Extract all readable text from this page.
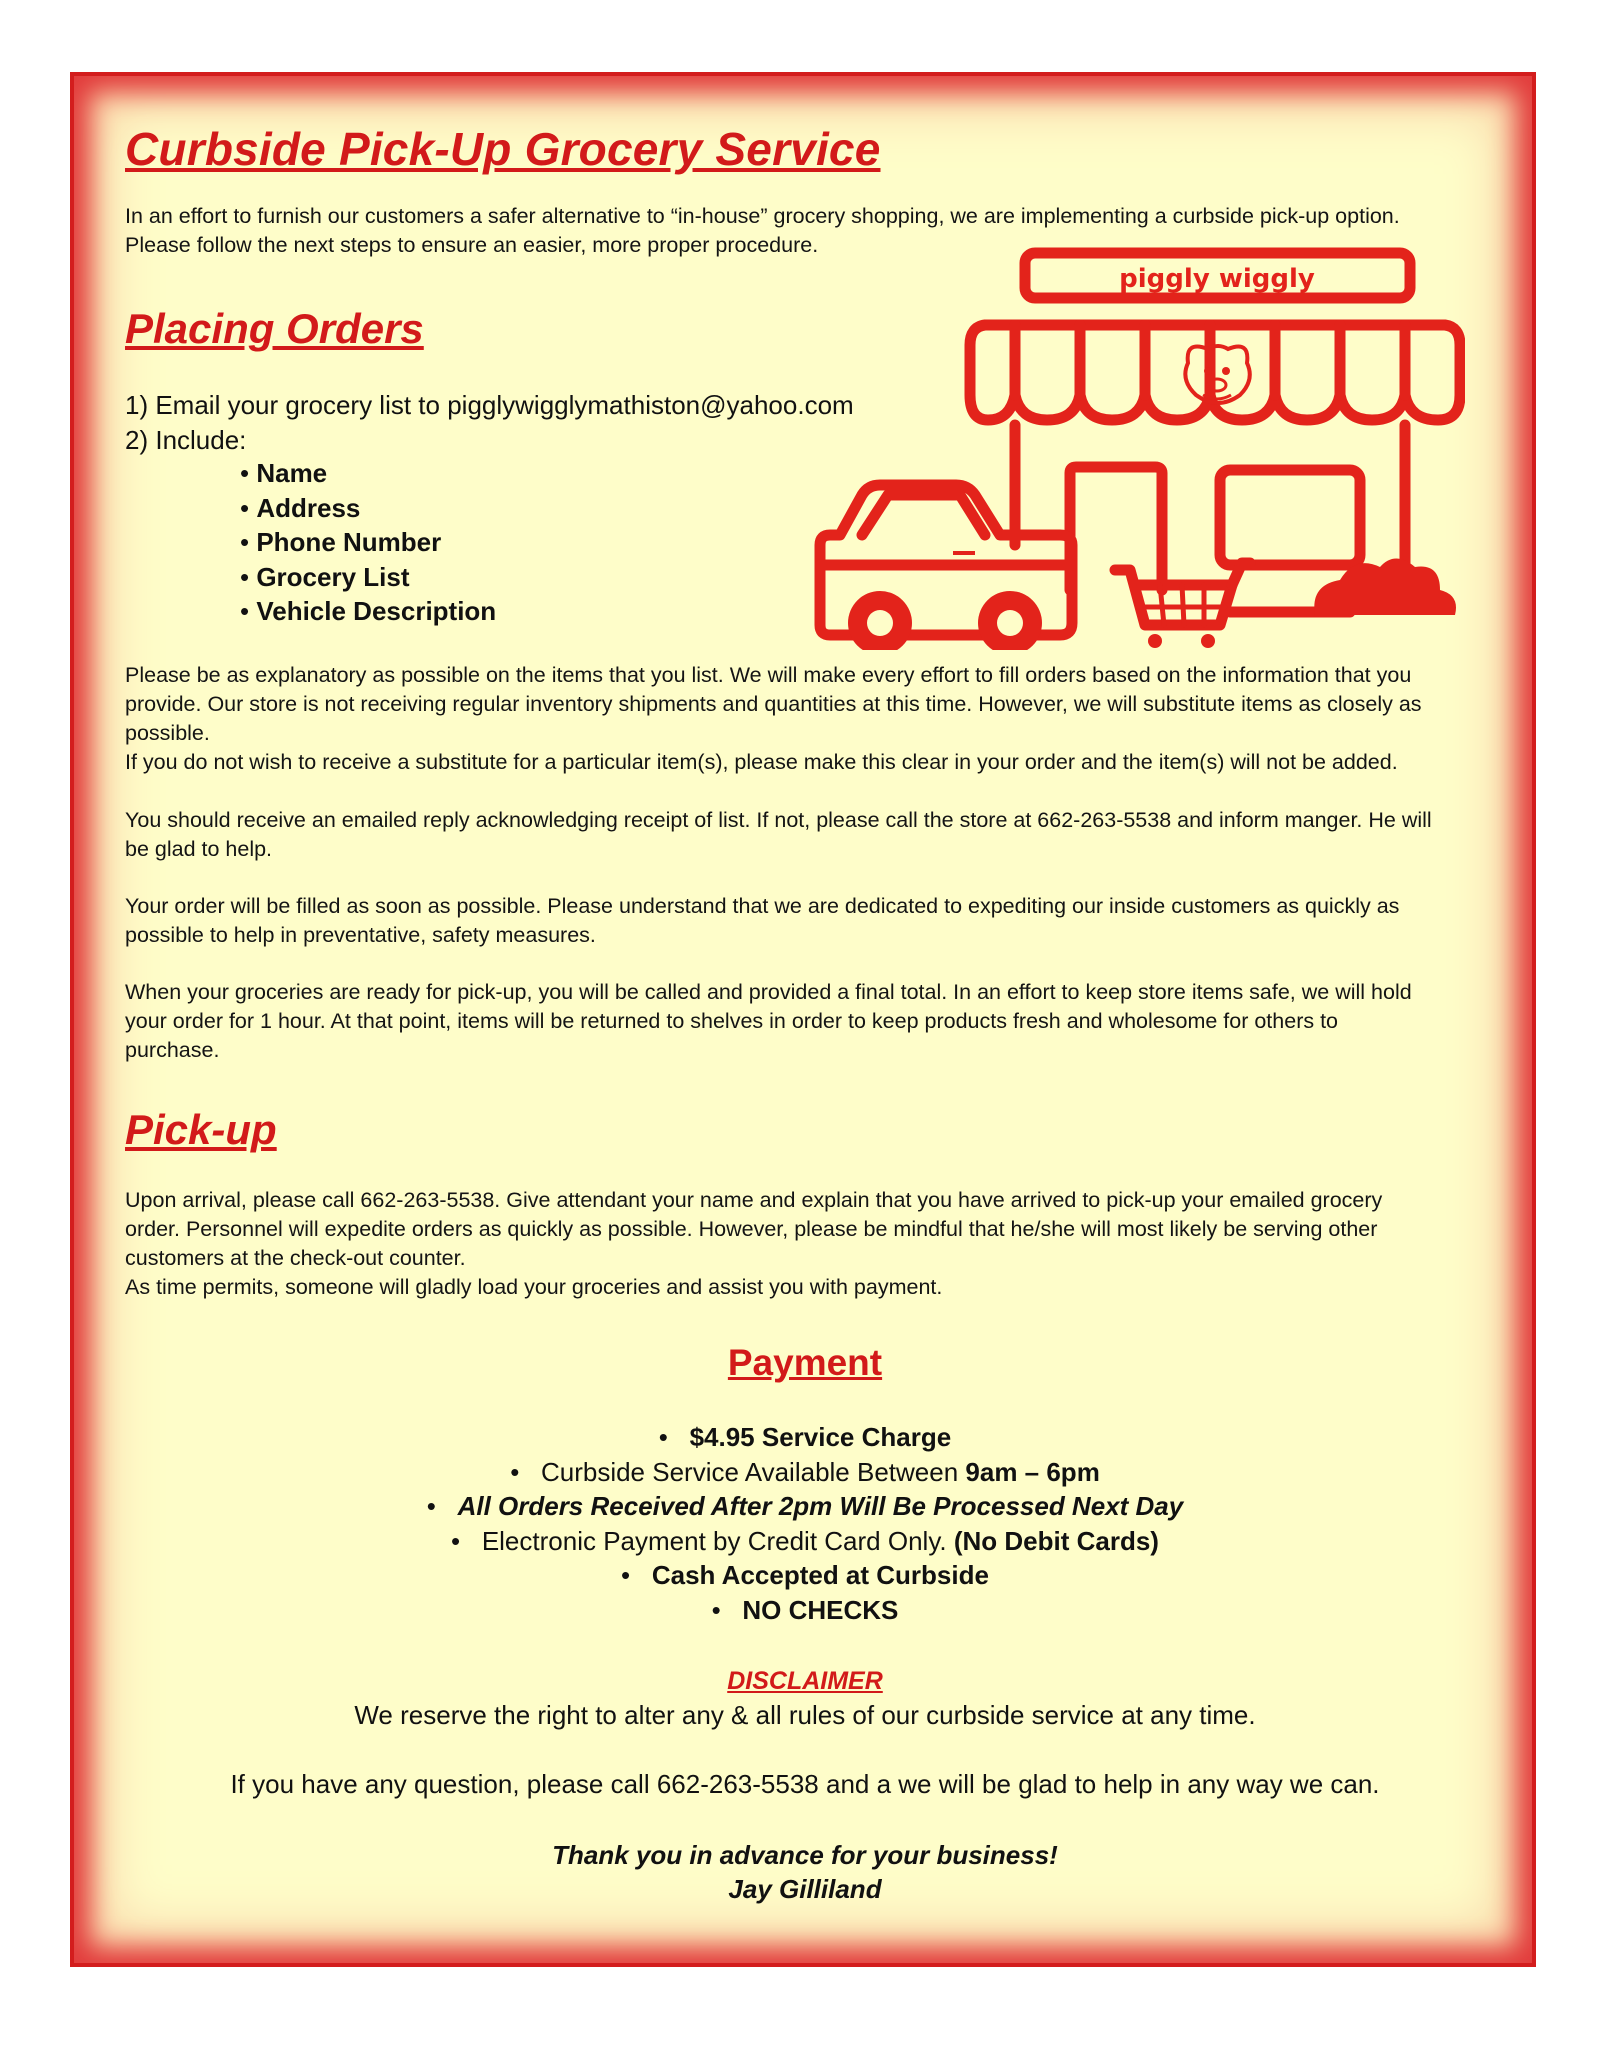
Curbside Pick-Up Grocery Service

In an effort to furnish our customers a safer alternative to “in-house” grocery shopping, we are implementing a curbside pick-up option.

Please follow the next steps to ensure an easier, more proper procedure.

Placing Orders
1) Email your grocery list to pigglywigglymathiston@yahoo.com
2) Include:
• Name
• Address
• Phone Number
• Grocery List
• Vehicle Description
piggly wiggly

Please be as explanatory as possible on the items that you list. We will make every effort to fill orders based on the information that you

provide. Our store is not receiving regular inventory shipments and quantities at this time. However, we will substitute items as closely as

possible.

If you do not wish to receive a substitute for a particular item(s), please make this clear in your order and the item(s) will not be added.

You should receive an emailed reply acknowledging receipt of list. If not, please call the store at 662-263-5538 and inform manger. He will

be glad to help.

Your order will be filled as soon as possible. Please understand that we are dedicated to expediting our inside customers as quickly as

possible to help in preventative, safety measures.

When your groceries are ready for pick-up, you will be called and provided a final total. In an effort to keep store items safe, we will hold

your order for 1 hour. At that point, items will be returned to shelves in order to keep products fresh and wholesome for others to

purchase.

Pick-up

Upon arrival, please call 662-263-5538. Give attendant your name and explain that you have arrived to pick-up your emailed grocery

order. Personnel will expedite orders as quickly as possible. However, please be mindful that he/she will most likely be serving other

customers at the check-out counter.

As time permits, someone will gladly load your groceries and assist you with payment.

Payment
•   $4.95 Service Charge
•   Curbside Service Available Between 9am – 6pm
•   All Orders Received After 2pm Will Be Processed Next Day
•   Electronic Payment by Credit Card Only. (No Debit Cards)
•   Cash Accepted at Curbside
•   NO CHECKS

DISCLAIMER

We reserve the right to alter any & all rules of our curbside service at any time.

If you have any question, please call 662-263-5538 and a we will be glad to help in any way we can.

Thank you in advance for your business!
Jay Gilliland
